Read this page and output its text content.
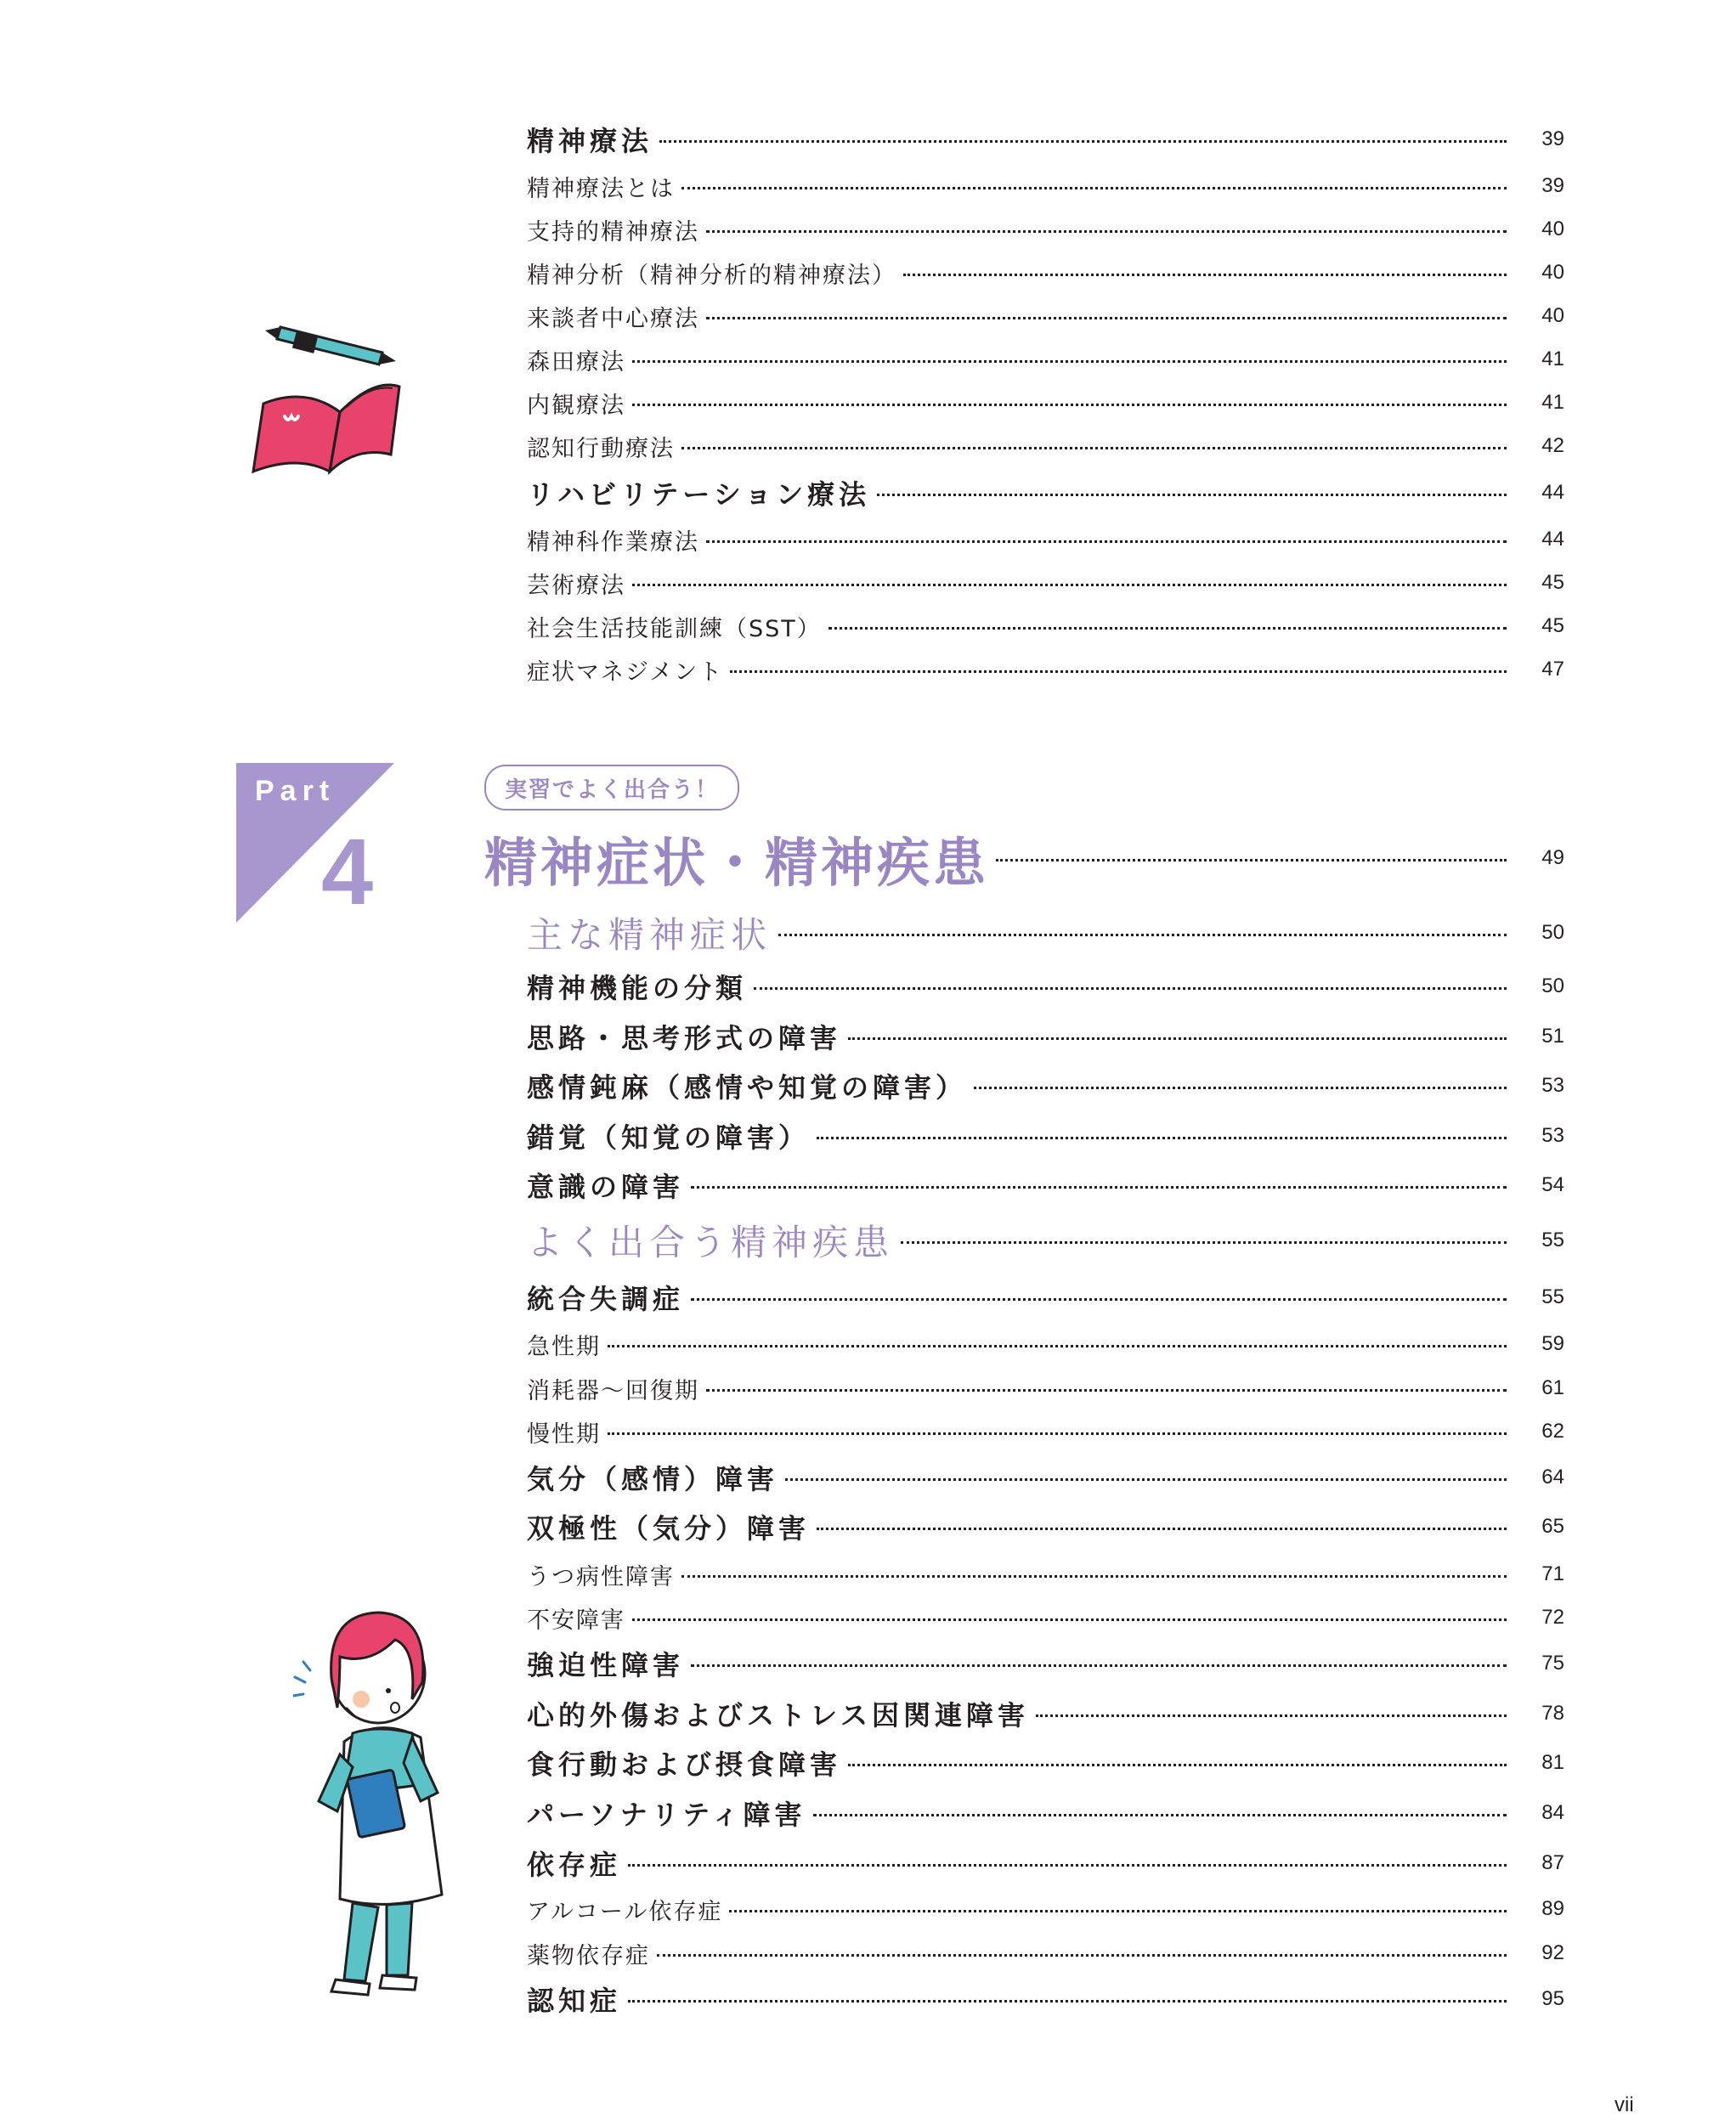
Part
4
実習でよく出合う！
精神療法	39
精神療法とは	39
支持的精神療法	40
精神分析（精神分析的精神療法）	40
来談者中心療法	40
森田療法	41
内観療法	41
認知行動療法	42
リハビリテーション療法	44
精神科作業療法	44
芸術療法	45
社会生活技能訓練（SST）	45
症状マネジメント	47
精神症状・精神疾患	49
主な精神症状	50
精神機能の分類	50
思路・思考形式の障害	51
感情鈍麻（感情や知覚の障害）	53
錯覚（知覚の障害）	53
意識の障害	54
よく出合う精神疾患	55
統合失調症	55
急性期	59
消耗器～回復期	61
慢性期	62
気分（感情）障害	64
双極性（気分）障害	65
うつ病性障害	71
不安障害	72
強迫性障害	75
心的外傷およびストレス因関連障害	78
食行動および摂食障害	81
パーソナリティ障害	84
依存症	87
アルコール依存症	89
薬物依存症	92
認知症	95
vii
